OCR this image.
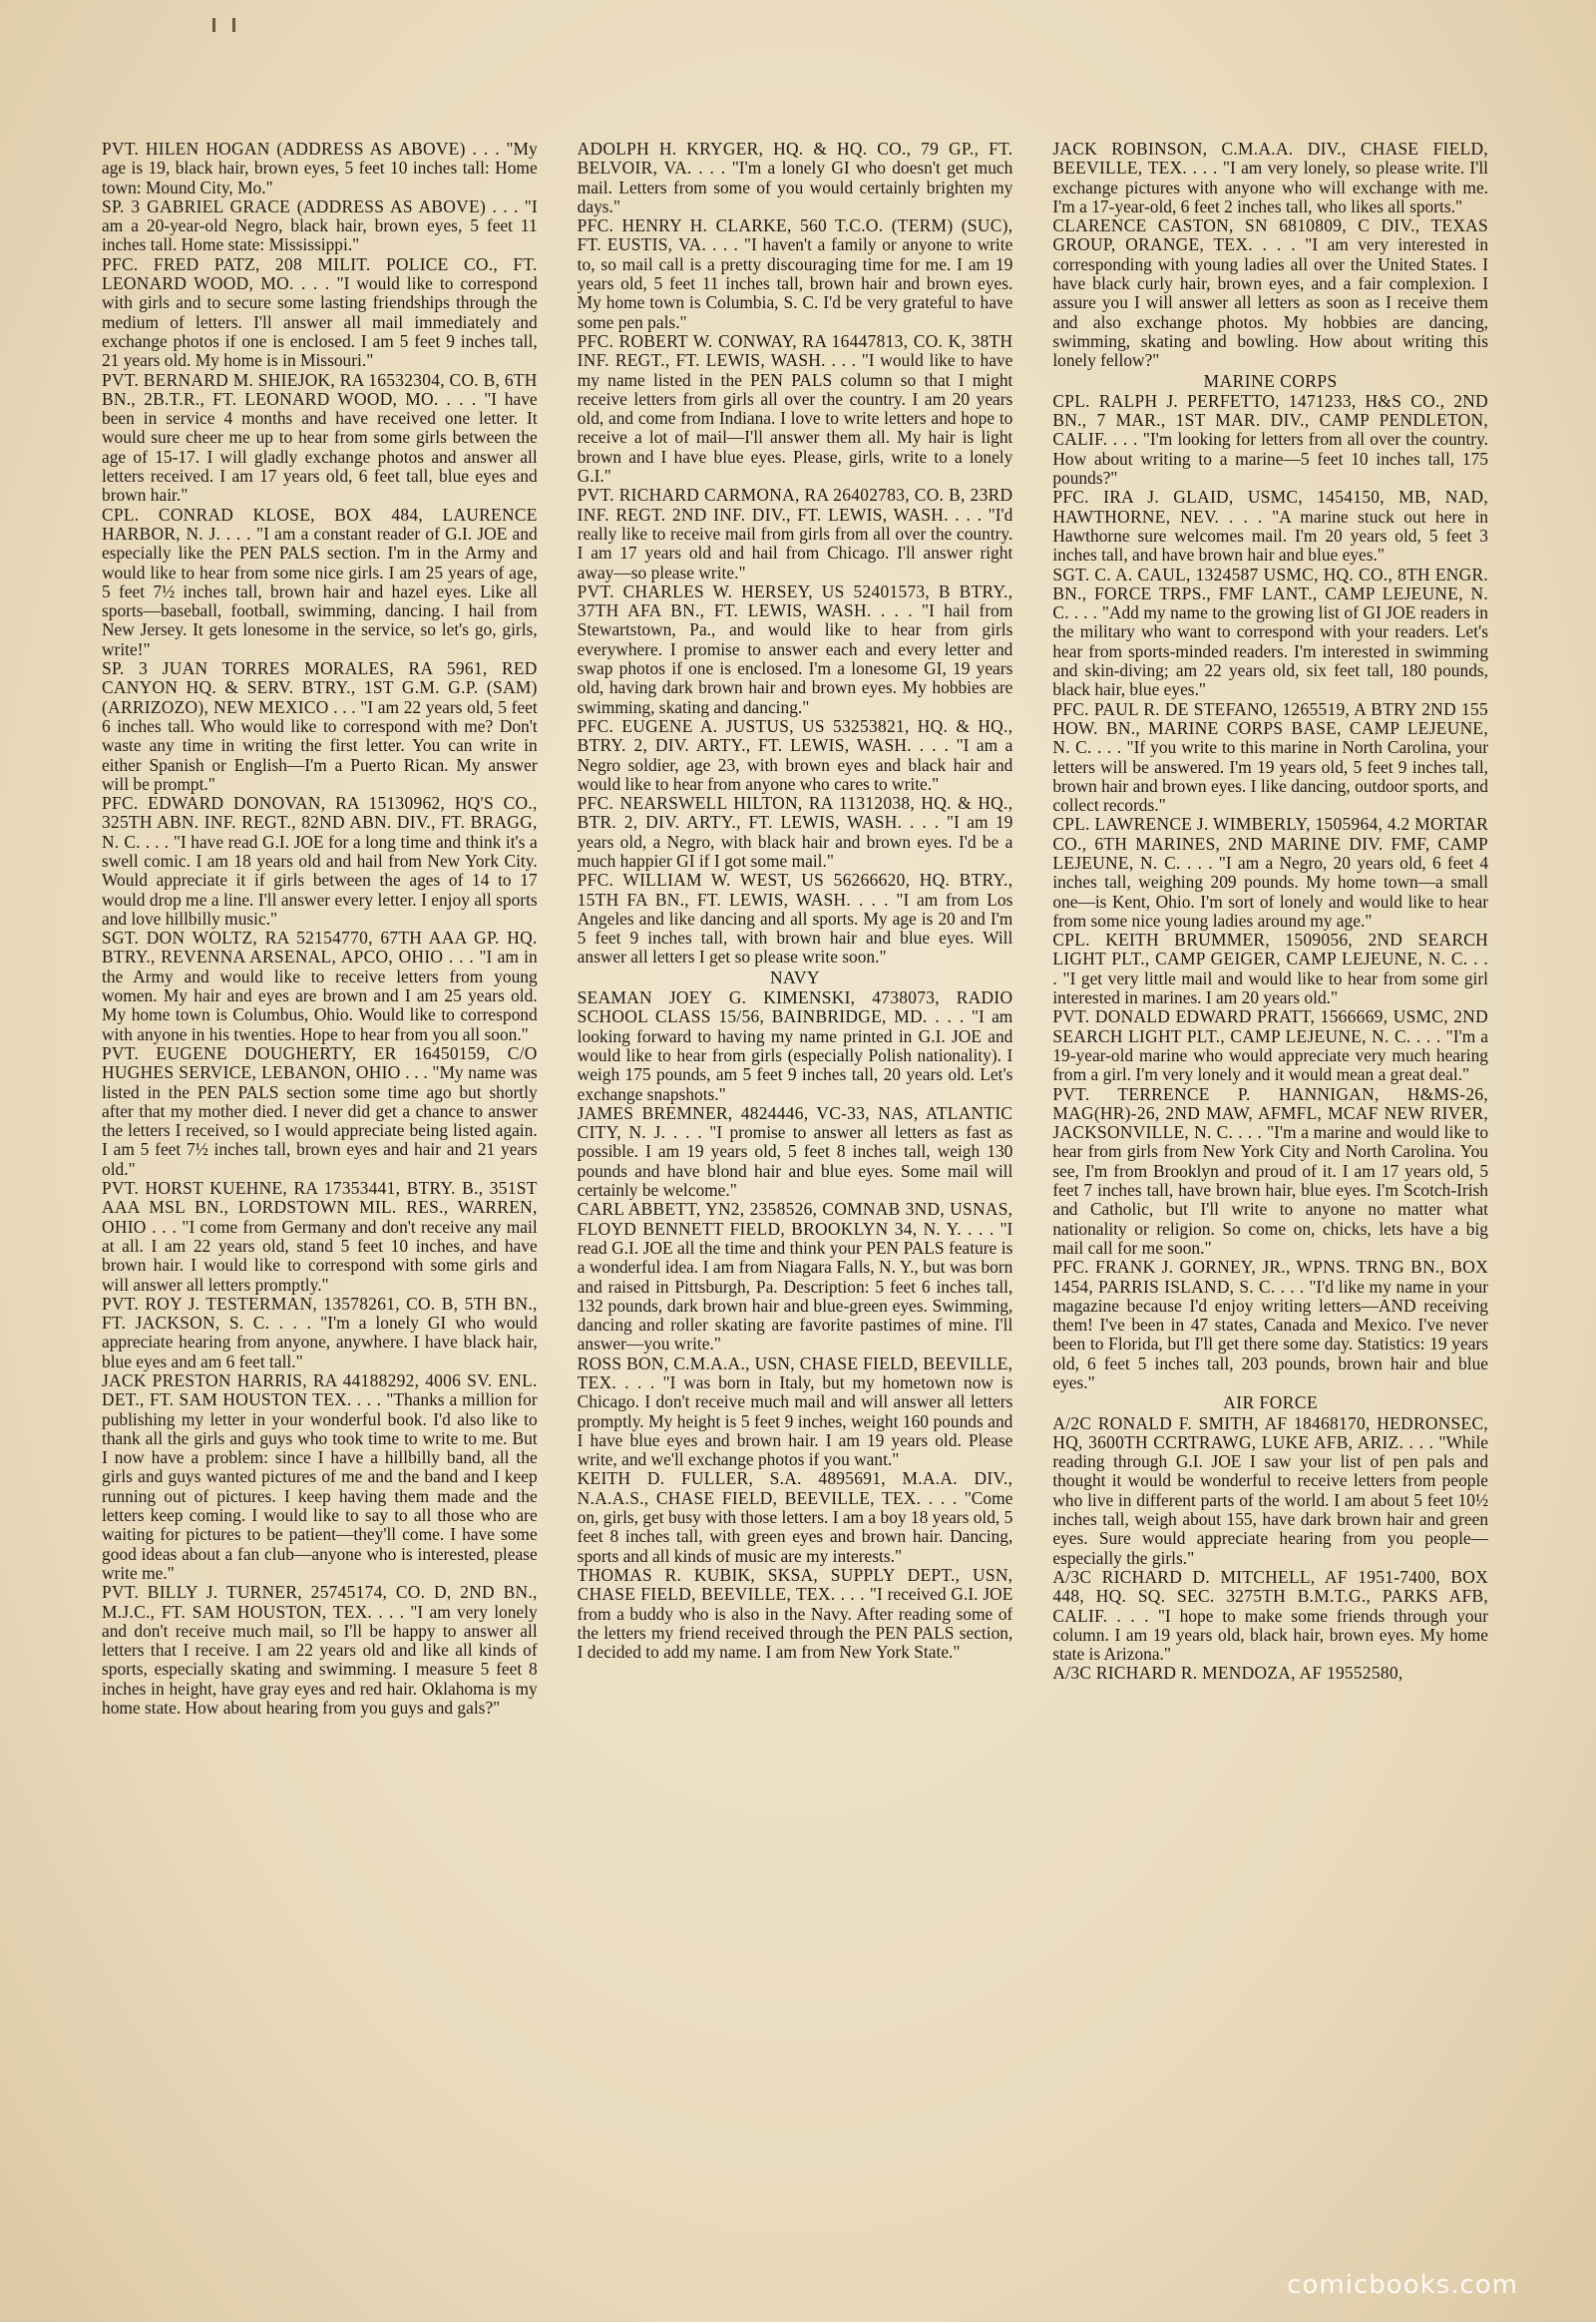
PVT. HILEN HOGAN (ADDRESS AS ABOVE) . . . "My age is 19, black hair, brown eyes, 5 feet 10 inches tall: Home town: Mound City, Mo."

SP. 3 GABRIEL GRACE (ADDRESS AS ABOVE) . . . "I am a 20-year-old Negro, black hair, brown eyes, 5 feet 11 inches tall. Home state: Mississippi."

PFC. FRED PATZ, 208 MILIT. POLICE CO., FT. LEONARD WOOD, MO. . . . "I would like to correspond with girls and to secure some lasting friendships through the medium of letters. I'll answer all mail immediately and exchange photos if one is enclosed. I am 5 feet 9 inches tall, 21 years old. My home is in Missouri."

PVT. BERNARD M. SHIEJOK, RA 16532304, CO. B, 6TH BN., 2B.T.R., FT. LEONARD WOOD, MO. . . . "I have been in service 4 months and have received one letter. It would sure cheer me up to hear from some girls between the age of 15-17. I will gladly exchange photos and answer all letters received. I am 17 years old, 6 feet tall, blue eyes and brown hair."

CPL. CONRAD KLOSE, BOX 484, LAURENCE HARBOR, N. J. . . . "I am a constant reader of G.I. JOE and especially like the PEN PALS section. I'm in the Army and would like to hear from some nice girls. I am 25 years of age, 5 feet 7½ inches tall, brown hair and hazel eyes. Like all sports—baseball, football, swimming, dancing. I hail from New Jersey. It gets lonesome in the service, so let's go, girls, write!"

SP. 3 JUAN TORRES MORALES, RA 5961, RED CANYON HQ. & SERV. BTRY., 1ST G.M. G.P. (SAM) (ARRIZOZO), NEW MEXICO . . . "I am 22 years old, 5 feet 6 inches tall. Who would like to correspond with me? Don't waste any time in writing the first letter. You can write in either Spanish or English—I'm a Puerto Rican. My answer will be prompt."

PFC. EDWARD DONOVAN, RA 15130962, HQ'S CO., 325TH ABN. INF. REGT., 82ND ABN. DIV., FT. BRAGG, N. C. . . . "I have read G.I. JOE for a long time and think it's a swell comic. I am 18 years old and hail from New York City. Would appreciate it if girls between the ages of 14 to 17 would drop me a line. I'll answer every letter. I enjoy all sports and love hillbilly music."

SGT. DON WOLTZ, RA 52154770, 67TH AAA GP. HQ. BTRY., REVENNA ARSENAL, APCO, OHIO . . . "I am in the Army and would like to receive letters from young women. My hair and eyes are brown and I am 25 years old. My home town is Columbus, Ohio. Would like to correspond with anyone in his twenties. Hope to hear from you all soon."

PVT. EUGENE DOUGHERTY, ER 16450159, C/O HUGHES SERVICE, LEBANON, OHIO . . . "My name was listed in the PEN PALS section some time ago but shortly after that my mother died. I never did get a chance to answer the letters I received, so I would appreciate being listed again. I am 5 feet 7½ inches tall, brown eyes and hair and 21 years old."

PVT. HORST KUEHNE, RA 17353441, BTRY. B., 351ST AAA MSL BN., LORDSTOWN MIL. RES., WARREN, OHIO . . . "I come from Germany and don't receive any mail at all. I am 22 years old, stand 5 feet 10 inches, and have brown hair. I would like to correspond with some girls and will answer all letters promptly."

PVT. ROY J. TESTERMAN, 13578261, CO. B, 5TH BN., FT. JACKSON, S. C. . . . "I'm a lonely GI who would appreciate hearing from anyone, anywhere. I have black hair, blue eyes and am 6 feet tall."

JACK PRESTON HARRIS, RA 44188292, 4006 SV. ENL. DET., FT. SAM HOUSTON TEX. . . . "Thanks a million for publishing my letter in your wonderful book. I'd also like to thank all the girls and guys who took time to write to me. But I now have a problem: since I have a hillbilly band, all the girls and guys wanted pictures of me and the band and I keep running out of pictures. I keep having them made and the letters keep coming. I would like to say to all those who are waiting for pictures to be patient—they'll come. I have some good ideas about a fan club—anyone who is interested, please write me."

PVT. BILLY J. TURNER, 25745174, CO. D, 2ND BN., M.J.C., FT. SAM HOUSTON, TEX. . . . "I am very lonely and don't receive much mail, so I'll be happy to answer all letters that I receive. I am 22 years old and like all kinds of sports, especially skating and swimming. I measure 5 feet 8 inches in height, have gray eyes and red hair. Oklahoma is my home state. How about hearing from you guys and gals?"

ADOLPH H. KRYGER, HQ. & HQ. CO., 79 GP., FT. BELVOIR, VA. . . . "I'm a lonely GI who doesn't get much mail. Letters from some of you would certainly brighten my days."

PFC. HENRY H. CLARKE, 560 T.C.O. (TERM) (SUC), FT. EUSTIS, VA. . . . "I haven't a family or anyone to write to, so mail call is a pretty discouraging time for me. I am 19 years old, 5 feet 11 inches tall, brown hair and brown eyes. My home town is Columbia, S. C. I'd be very grateful to have some pen pals."

PFC. ROBERT W. CONWAY, RA 16447813, CO. K, 38TH INF. REGT., FT. LEWIS, WASH. . . . "I would like to have my name listed in the PEN PALS column so that I might receive letters from girls all over the country. I am 20 years old, and come from Indiana. I love to write letters and hope to receive a lot of mail—I'll answer them all. My hair is light brown and I have blue eyes. Please, girls, write to a lonely G.I."

PVT. RICHARD CARMONA, RA 26402783, CO. B, 23RD INF. REGT. 2ND INF. DIV., FT. LEWIS, WASH. . . . "I'd really like to receive mail from girls from all over the country. I am 17 years old and hail from Chicago. I'll answer right away—so please write."

PVT. CHARLES W. HERSEY, US 52401573, B BTRY., 37TH AFA BN., FT. LEWIS, WASH. . . . "I hail from Stewartstown, Pa., and would like to hear from girls everywhere. I promise to answer each and every letter and swap photos if one is enclosed. I'm a lonesome GI, 19 years old, having dark brown hair and brown eyes. My hobbies are swimming, skating and dancing."

PFC. EUGENE A. JUSTUS, US 53253821, HQ. & HQ., BTRY. 2, DIV. ARTY., FT. LEWIS, WASH. . . . "I am a Negro soldier, age 23, with brown eyes and black hair and would like to hear from anyone who cares to write."

PFC. NEARSWELL HILTON, RA 11312038, HQ. & HQ., BTR. 2, DIV. ARTY., FT. LEWIS, WASH. . . . "I am 19 years old, a Negro, with black hair and brown eyes. I'd be a much happier GI if I got some mail."

PFC. WILLIAM W. WEST, US 56266620, HQ. BTRY., 15TH FA BN., FT. LEWIS, WASH. . . . "I am from Los Angeles and like dancing and all sports. My age is 20 and I'm 5 feet 9 inches tall, with brown hair and blue eyes. Will answer all letters I get so please write soon."

NAVY

SEAMAN JOEY G. KIMENSKI, 4738073, RADIO SCHOOL CLASS 15/56, BAINBRIDGE, MD. . . . "I am looking forward to having my name printed in G.I. JOE and would like to hear from girls (especially Polish nationality). I weigh 175 pounds, am 5 feet 9 inches tall, 20 years old. Let's exchange snapshots."

JAMES BREMNER, 4824446, VC-33, NAS, ATLANTIC CITY, N. J. . . . "I promise to answer all letters as fast as possible. I am 19 years old, 5 feet 8 inches tall, weigh 130 pounds and have blond hair and blue eyes. Some mail will certainly be welcome."

CARL ABBETT, YN2, 2358526, COMNAB 3ND, USNAS, FLOYD BENNETT FIELD, BROOKLYN 34, N. Y. . . . "I read G.I. JOE all the time and think your PEN PALS feature is a wonderful idea. I am from Niagara Falls, N. Y., but was born and raised in Pittsburgh, Pa. Description: 5 feet 6 inches tall, 132 pounds, dark brown hair and blue-green eyes. Swimming, dancing and roller skating are favorite pastimes of mine. I'll answer—you write."

ROSS BON, C.M.A.A., USN, CHASE FIELD, BEEVILLE, TEX. . . . "I was born in Italy, but my hometown now is Chicago. I don't receive much mail and will answer all letters promptly. My height is 5 feet 9 inches, weight 160 pounds and I have blue eyes and brown hair. I am 19 years old. Please write, and we'll exchange photos if you want."

KEITH D. FULLER, S.A. 4895691, M.A.A. DIV., N.A.A.S., CHASE FIELD, BEEVILLE, TEX. . . . "Come on, girls, get busy with those letters. I am a boy 18 years old, 5 feet 8 inches tall, with green eyes and brown hair. Dancing, sports and all kinds of music are my interests."

THOMAS R. KUBIK, SKSA, SUPPLY DEPT., USN, CHASE FIELD, BEEVILLE, TEX. . . . "I received G.I. JOE from a buddy who is also in the Navy. After reading some of the letters my friend received through the PEN PALS section, I decided to add my name. I am from New York State."

JACK ROBINSON, C.M.A.A. DIV., CHASE FIELD, BEEVILLE, TEX. . . . "I am very lonely, so please write. I'll exchange pictures with anyone who will exchange with me. I'm a 17-year-old, 6 feet 2 inches tall, who likes all sports."

CLARENCE CASTON, SN 6810809, C DIV., TEXAS GROUP, ORANGE, TEX. . . . "I am very interested in corresponding with young ladies all over the United States. I have black curly hair, brown eyes, and a fair complexion. I assure you I will answer all letters as soon as I receive them and also exchange photos. My hobbies are dancing, swimming, skating and bowling. How about writing this lonely fellow?"

MARINE CORPS

CPL. RALPH J. PERFETTO, 1471233, H&S CO., 2ND BN., 7 MAR., 1ST MAR. DIV., CAMP PENDLETON, CALIF. . . . "I'm looking for letters from all over the country. How about writing to a marine—5 feet 10 inches tall, 175 pounds?"

PFC. IRA J. GLAID, USMC, 1454150, MB, NAD, HAWTHORNE, NEV. . . . "A marine stuck out here in Hawthorne sure welcomes mail. I'm 20 years old, 5 feet 3 inches tall, and have brown hair and blue eyes."

SGT. C. A. CAUL, 1324587 USMC, HQ. CO., 8TH ENGR. BN., FORCE TRPS., FMF LANT., CAMP LEJEUNE, N. C. . . . "Add my name to the growing list of GI JOE readers in the military who want to correspond with your readers. Let's hear from sports-minded readers. I'm interested in swimming and skin-diving; am 22 years old, six feet tall, 180 pounds, black hair, blue eyes."

PFC. PAUL R. DE STEFANO, 1265519, A BTRY 2ND 155 HOW. BN., MARINE CORPS BASE, CAMP LEJEUNE, N. C. . . . "If you write to this marine in North Carolina, your letters will be answered. I'm 19 years old, 5 feet 9 inches tall, brown hair and brown eyes. I like dancing, outdoor sports, and collect records."

CPL. LAWRENCE J. WIMBERLY, 1505964, 4.2 MORTAR CO., 6TH MARINES, 2ND MARINE DIV. FMF, CAMP LEJEUNE, N. C. . . . "I am a Negro, 20 years old, 6 feet 4 inches tall, weighing 209 pounds. My home town—a small one—is Kent, Ohio. I'm sort of lonely and would like to hear from some nice young ladies around my age."

CPL. KEITH BRUMMER, 1509056, 2ND SEARCH LIGHT PLT., CAMP GEIGER, CAMP LEJEUNE, N. C. . . . "I get very little mail and would like to hear from some girl interested in marines. I am 20 years old."

PVT. DONALD EDWARD PRATT, 1566669, USMC, 2ND SEARCH LIGHT PLT., CAMP LEJEUNE, N. C. . . . "I'm a 19-year-old marine who would appreciate very much hearing from a girl. I'm very lonely and it would mean a great deal."

PVT. TERRENCE P. HANNIGAN, H&MS-26, MAG(HR)-26, 2ND MAW, AFMFL, MCAF NEW RIVER, JACKSONVILLE, N. C. . . . "I'm a marine and would like to hear from girls from New York City and North Carolina. You see, I'm from Brooklyn and proud of it. I am 17 years old, 5 feet 7 inches tall, have brown hair, blue eyes. I'm Scotch-Irish and Catholic, but I'll write to anyone no matter what nationality or religion. So come on, chicks, lets have a big mail call for me soon."

PFC. FRANK J. GORNEY, JR., WPNS. TRNG BN., BOX 1454, PARRIS ISLAND, S. C. . . . "I'd like my name in your magazine because I'd enjoy writing letters—AND receiving them! I've been in 47 states, Canada and Mexico. I've never been to Florida, but I'll get there some day. Statistics: 19 years old, 6 feet 5 inches tall, 203 pounds, brown hair and blue eyes."

AIR FORCE

A/2C RONALD F. SMITH, AF 18468170, HEDRONSEC, HQ, 3600TH CCRTRAWG, LUKE AFB, ARIZ. . . . "While reading through G.I. JOE I saw your list of pen pals and thought it would be wonderful to receive letters from people who live in different parts of the world. I am about 5 feet 10½ inches tall, weigh about 155, have dark brown hair and green eyes. Sure would appreciate hearing from you people—especially the girls."

A/3C RICHARD D. MITCHELL, AF 1951-7400, BOX 448, HQ. SQ. SEC. 3275TH B.M.T.G., PARKS AFB, CALIF. . . . "I hope to make some friends through your column. I am 19 years old, black hair, brown eyes. My home state is Arizona."

A/3C RICHARD R. MENDOZA, AF 19552580,

comicbooks.com
